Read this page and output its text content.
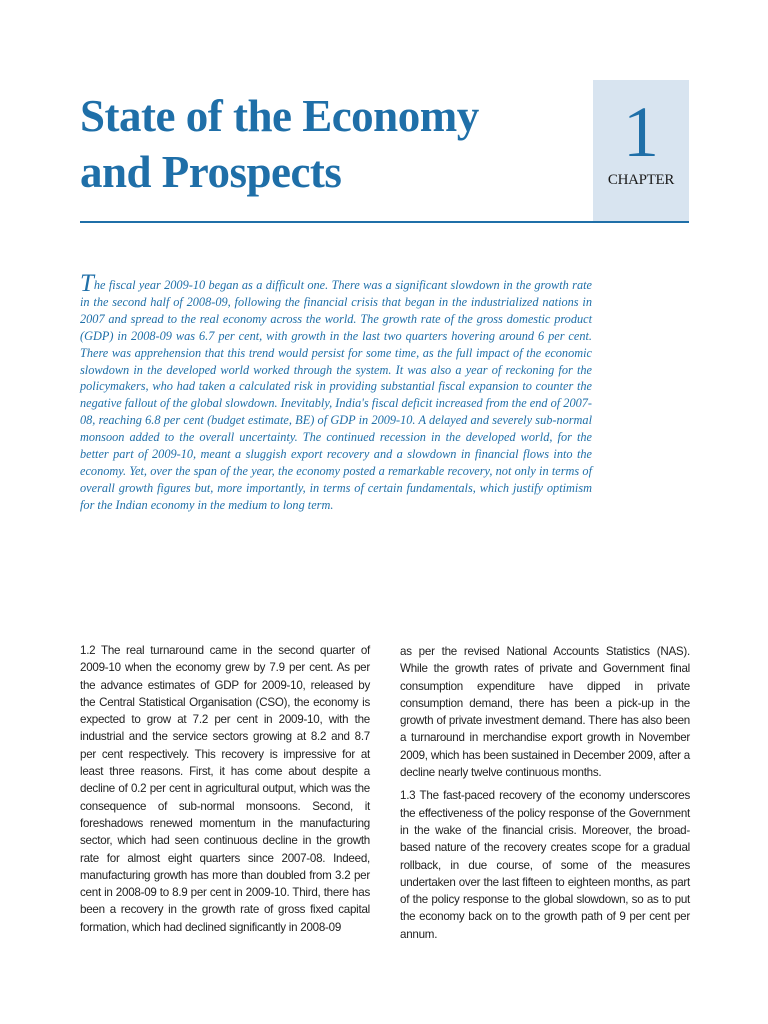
State of the Economy
and Prospects	1
CHAPTER

The fiscal year 2009-10 began as a difficult one. There was a significant slowdown in the growth rate in the second half of 2008-09, following the financial crisis that began in the industrialized nations in 2007 and spread to the real economy across the world. The growth rate of the gross domestic product (GDP) in 2008-09 was 6.7 per cent, with growth in the last two quarters hovering around 6 per cent. There was apprehension that this trend would persist for some time, as the full impact of the economic slowdown in the developed world worked through the system. It was also a year of reckoning for the policymakers, who had taken a calculated risk in providing substantial fiscal expansion to counter the negative fallout of the global slowdown. Inevitably, India's fiscal deficit increased from the end of 2007-08, reaching 6.8 per cent (budget estimate, BE) of GDP in 2009-10. A delayed and severely sub-normal monsoon added to the overall uncertainty. The continued recession in the developed world, for the better part of 2009-10, meant a sluggish export recovery and a slowdown in financial flows into the economy. Yet, over the span of the year, the economy posted a remarkable recovery, not only in terms of overall growth figures but, more importantly, in terms of certain fundamentals, which justify optimism for the Indian economy in the medium to long term.

1.2 The real turnaround came in the second quarter of 2009-10 when the economy grew by 7.9 per cent. As per the advance estimates of GDP for 2009-10, released by the Central Statistical Organisation (CSO), the economy is expected to grow at 7.2 per cent in 2009-10, with the industrial and the service sectors growing at 8.2 and 8.7 per cent respectively. This recovery is impressive for at least three reasons. First, it has come about despite a decline of 0.2 per cent in agricultural output, which was the consequence of sub-normal monsoons. Second, it foreshadows renewed momentum in the manufacturing sector, which had seen continuous decline in the growth rate for almost eight quarters since 2007-08. Indeed, manufacturing growth has more than doubled from 3.2 per cent in 2008-09 to 8.9 per cent in 2009-10. Third, there has been a recovery in the growth rate of gross fixed capital formation, which had declined significantly in 2008-09

as per the revised National Accounts Statistics (NAS). While the growth rates of private and Government final consumption expenditure have dipped in private consumption demand, there has been a pick-up in the growth of private investment demand. There has also been a turnaround in merchandise export growth in November 2009, which has been sustained in December 2009, after a decline nearly twelve continuous months.

1.3 The fast-paced recovery of the economy underscores the effectiveness of the policy response of the Government in the wake of the financial crisis. Moreover, the broad- based nature of the recovery creates scope for a gradual rollback, in due course, of some of the measures undertaken over the last fifteen to eighteen months, as part of the policy response to the global slowdown, so as to put the economy back on to the growth path of 9 per cent per annum.
